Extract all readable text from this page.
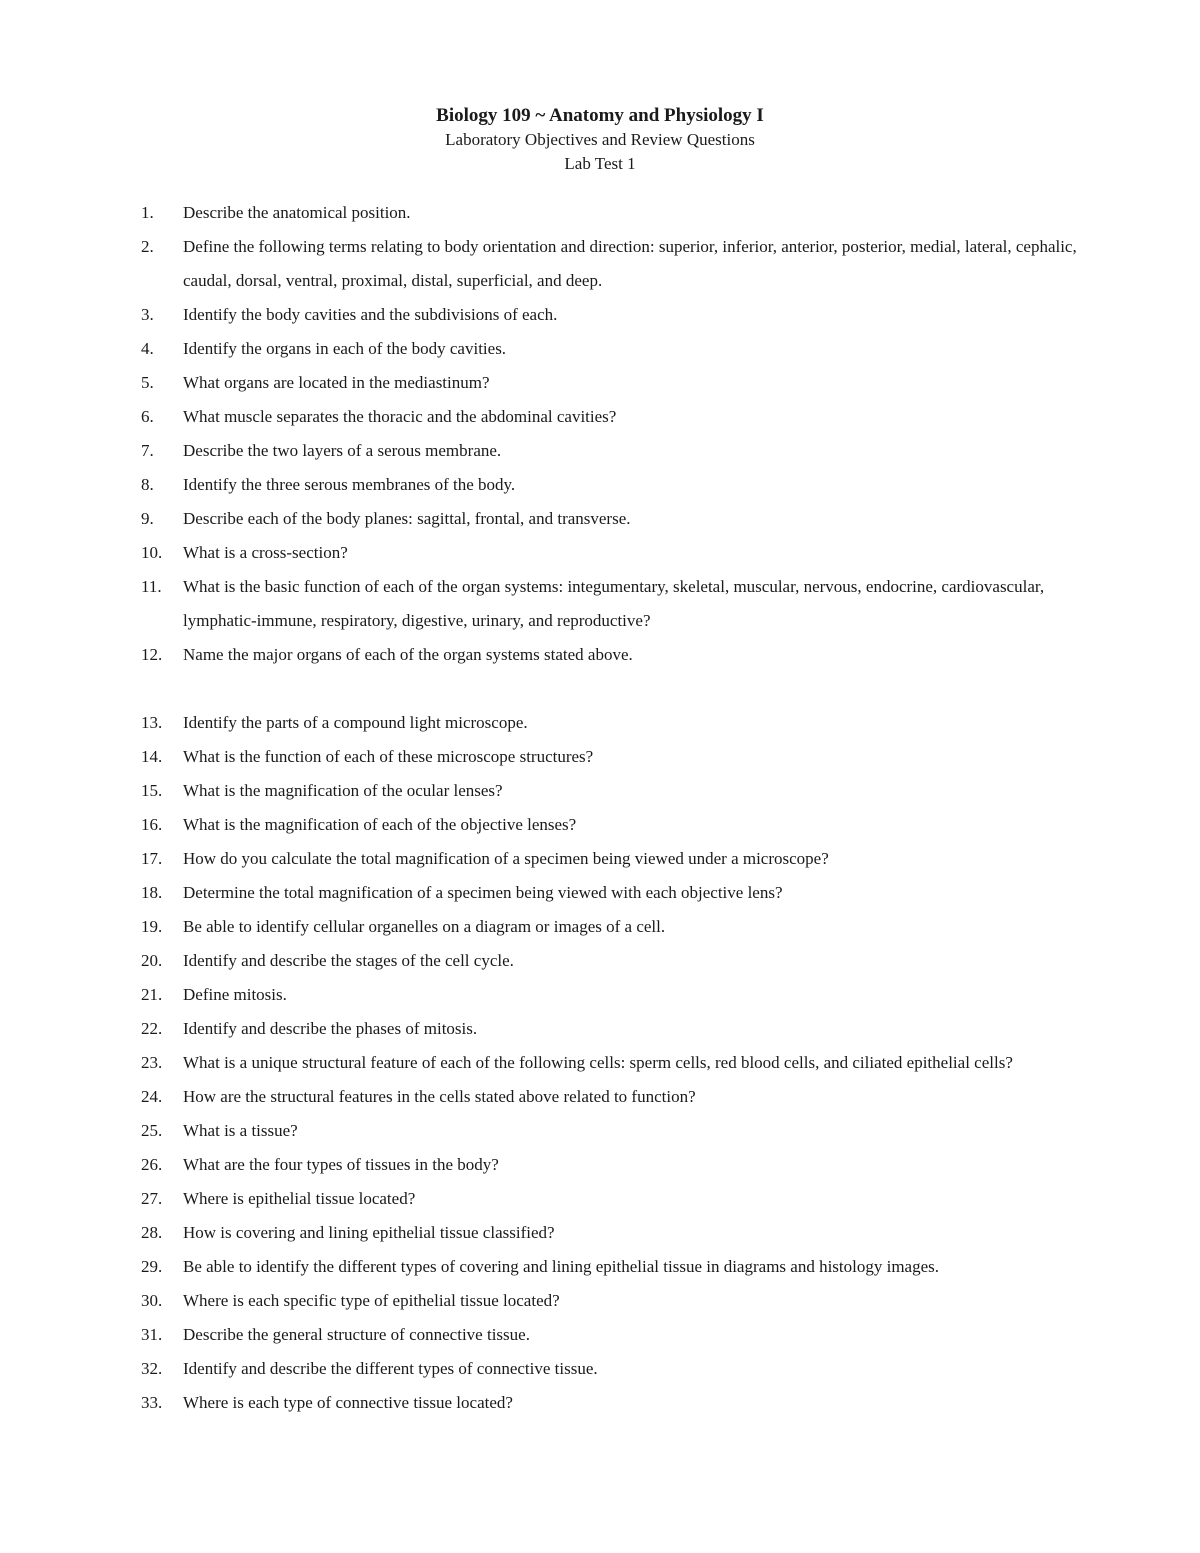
Biology 109 ~ Anatomy and Physiology I
Laboratory Objectives and Review Questions
Lab Test 1
1.	Describe the anatomical position.
2.	Define the following terms relating to body orientation and direction: superior, inferior, anterior, posterior, medial, lateral, cephalic, caudal, dorsal, ventral, proximal, distal, superficial, and deep.
3.	Identify the body cavities and the subdivisions of each.
4.	Identify the organs in each of the body cavities.
5.	What organs are located in the mediastinum?
6.	What muscle separates the thoracic and the abdominal cavities?
7.	Describe the two layers of a serous membrane.
8.	Identify the three serous membranes of the body.
9.	Describe each of the body planes: sagittal, frontal, and transverse.
10.	What is a cross-section?
11.	What is the basic function of each of the organ systems: integumentary, skeletal, muscular, nervous, endocrine, cardiovascular, lymphatic-immune, respiratory, digestive, urinary, and reproductive?
12.	Name the major organs of each of the organ systems stated above.
13.	Identify the parts of a compound light microscope.
14.	What is the function of each of these microscope structures?
15.	What is the magnification of the ocular lenses?
16.	What is the magnification of each of the objective lenses?
17.	How do you calculate the total magnification of a specimen being viewed under a microscope?
18.	Determine the total magnification of a specimen being viewed with each objective lens?
19.	Be able to identify cellular organelles on a diagram or images of a cell.
20.	Identify and describe the stages of the cell cycle.
21.	Define mitosis.
22.	Identify and describe the phases of mitosis.
23.	What is a unique structural feature of each of the following cells: sperm cells, red blood cells, and ciliated epithelial cells?
24.	How are the structural features in the cells stated above related to function?
25.	What is a tissue?
26.	What are the four types of tissues in the body?
27.	Where is epithelial tissue located?
28.	How is covering and lining epithelial tissue classified?
29.	Be able to identify the different types of covering and lining epithelial tissue in diagrams and histology images.
30.	Where is each specific type of epithelial tissue located?
31.	Describe the general structure of connective tissue.
32.	Identify and describe the different types of connective tissue.
33.	Where is each type of connective tissue located?
